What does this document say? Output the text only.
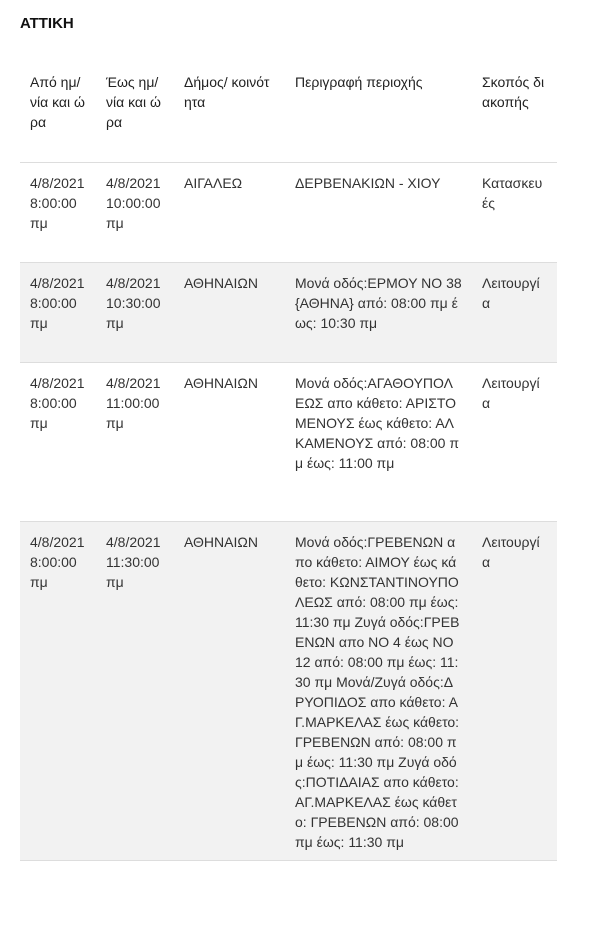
ΑΤΤΙΚΗ
Από ημ/νία και ώρα	Έως ημ/νία και ώρα	Δήμος/ κοινότητα	Περιγραφή περιοχής	Σκοπός διακοπής
4/8/2021 8:00:00 πμ	4/8/2021 10:00:00 πμ	ΑΙΓΑΛΕΩ	ΔΕΡΒΕΝΑΚΙΩΝ - ΧΙΟΥ	Κατασκευές
4/8/2021 8:00:00 πμ	4/8/2021 10:30:00 πμ	ΑΘΗΝΑΙΩΝ	Μονά οδός:ΕΡΜΟΥ ΝΟ 38 {ΑΘΗΝΑ} από: 08:00 πμ έως: 10:30 πμ	Λειτουργία
4/8/2021 8:00:00 πμ	4/8/2021 11:00:00 πμ	ΑΘΗΝΑΙΩΝ	Μονά οδός:ΑΓΑΘΟΥΠΟΛΕΩΣ απο κάθετο: ΑΡΙΣΤΟΜΕΝΟΥΣ έως κάθετο: ΑΛΚΑΜΕΝΟΥΣ από: 08:00 πμ έως: 11:00 πμ	Λειτουργία
4/8/2021 8:00:00 πμ	4/8/2021 11:30:00 πμ	ΑΘΗΝΑΙΩΝ	Μονά οδός:ΓΡΕΒΕΝΩΝ απο κάθετο: ΑΙΜΟΥ έως κάθετο: ΚΩΝΣΤΑΝΤΙΝΟΥΠΟΛΕΩΣ από: 08:00 πμ έως: 11:30 πμ Ζυγά οδός:ΓΡΕΒΕΝΩΝ απο ΝΟ 4 έως ΝΟ 12 από: 08:00 πμ έως: 11:30 πμ Μονά/Ζυγά οδός:ΔΡΥΟΠΙΔΟΣ απο κάθετο: ΑΓ.ΜΑΡΚΕΛΑΣ έως κάθετο: ΓΡΕΒΕΝΩΝ από: 08:00 πμ έως: 11:30 πμ Ζυγά οδός:ΠΟΤΙΔΑΙΑΣ απο κάθετο: ΑΓ.ΜΑΡΚΕΛΑΣ έως κάθετο: ΓΡΕΒΕΝΩΝ από: 08:00 πμ έως: 11:30 πμ	Λειτουργία
